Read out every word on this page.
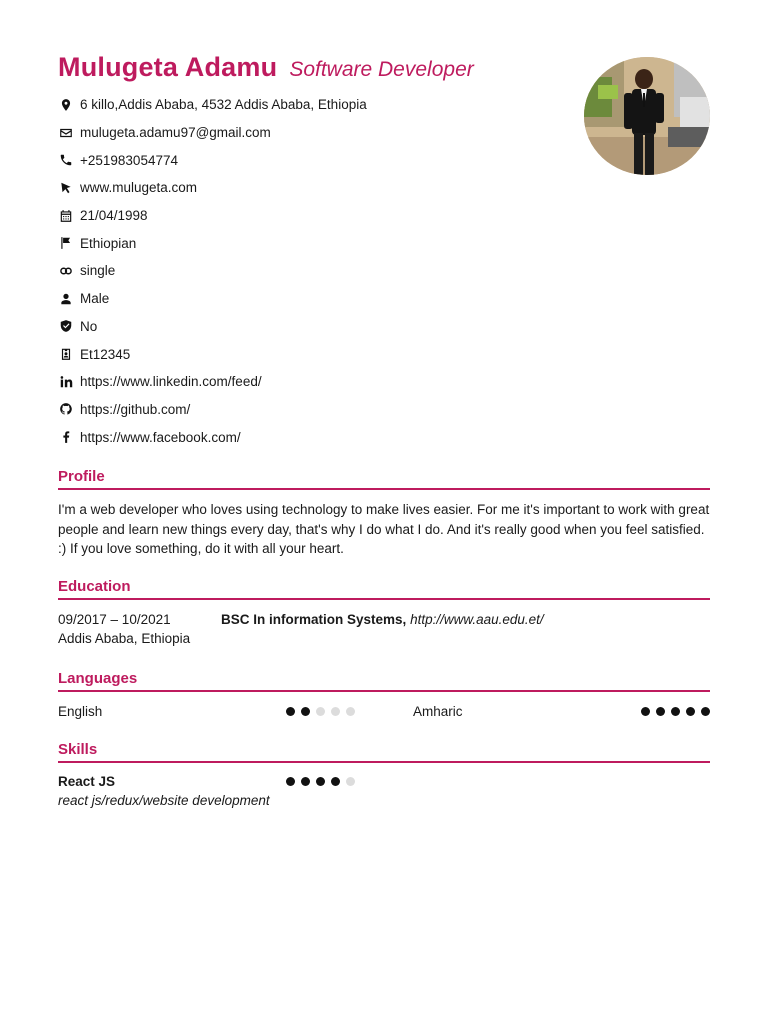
Mulugeta Adamu Software Developer
6 killo,Addis Ababa, 4532 Addis Ababa, Ethiopia
mulugeta.adamu97@gmail.com
+251983054774
www.mulugeta.com
21/04/1998
Ethiopian
single
Male
No
Et12345
https://www.linkedin.com/feed/
https://github.com/
https://www.facebook.com/
Profile
I'm a web developer who loves using technology to make lives easier. For me it's important to work with great people and learn new things every day, that's why I do what I do. And it's really good when you feel satisfied. :) If you love something, do it with all your heart.
Education
09/2017 – 10/2021
Addis Ababa, Ethiopia
BSC In information Systems, http://www.aau.edu.et/
Languages
English	Amharic
Skills
React JS
react js/redux/website development
